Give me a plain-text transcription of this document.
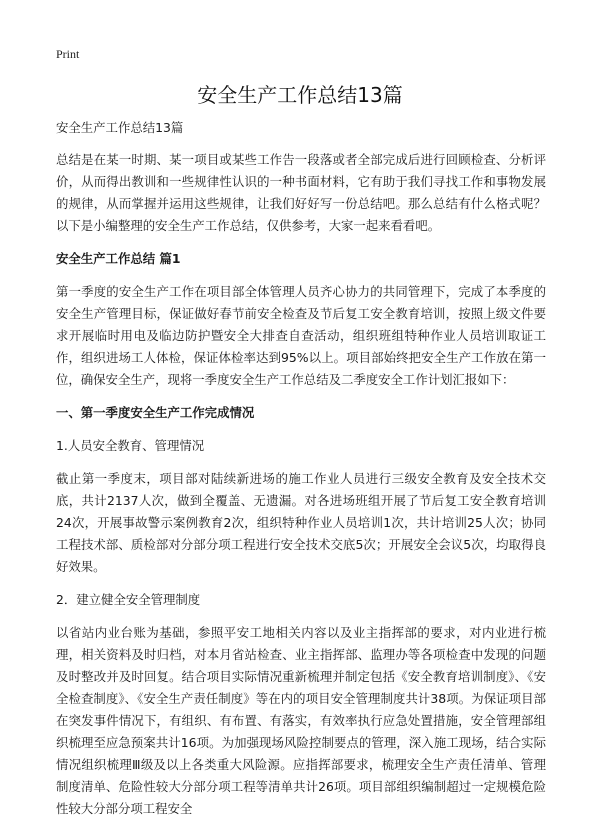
Print
安全生产工作总结13篇

安全生产工作总结13篇

总结是在某一时期、某一项目或某些工作告一段落或者全部完成后进行回顾检查、分析评价，从而得出教训和一些规律性认识的一种书面材料，它有助于我们寻找工作和事物发展的规律，从而掌握并运用这些规律，让我们好好写一份总结吧。那么总结有什么格式呢？以下是小编整理的安全生产工作总结，仅供参考，大家一起来看看吧。

安全生产工作总结 篇1

第一季度的安全生产工作在项目部全体管理人员齐心协力的共同管理下，完成了本季度的安全生产管理目标，保证做好春节前安全检查及节后复工安全教育培训，按照上级文件要求开展临时用电及临边防护暨安全大排查自查活动，组织班组特种作业人员培训取证工作，组织进场工人体检，保证体检率达到95%以上。项目部始终把安全生产工作放在第一位，确保安全生产，现将一季度安全生产工作总结及二季度安全工作计划汇报如下：

一、第一季度安全生产工作完成情况

1.人员安全教育、管理情况

截止第一季度末，项目部对陆续新进场的施工作业人员进行三级安全教育及安全技术交底，共计2137人次，做到全覆盖、无遗漏。对各进场班组开展了节后复工安全教育培训24次，开展事故警示案例教育2次，组织特种作业人员培训1次，共计培训25人次；协同工程技术部、质检部对分部分项工程进行安全技术交底5次；开展安全会议5次，均取得良好效果。

2．建立健全安全管理制度

以省站内业台账为基础，参照平安工地相关内容以及业主指挥部的要求，对内业进行梳理，相关资料及时归档，对本月省站检查、业主指挥部、监理办等各项检查中发现的问题及时整改并及时回复。结合项目实际情况重新梳理并制定包括《安全教育培训制度》、《安全检查制度》、《安全生产责任制度》等在内的项目安全管理制度共计38项。为保证项目部在突发事件情况下，有组织、有布置、有落实，有效率执行应急处置措施，安全管理部组织梳理至应急预案共计16项。为加强现场风险控制要点的管理，深入施工现场，结合实际情况组织梳理Ⅲ级及以上各类重大风险源。应指挥部要求，梳理安全生产责任清单、管理制度清单、危险性较大分部分项工程等清单共计26项。项目部组织编制超过一定规模危险性较大分部分项工程安全
